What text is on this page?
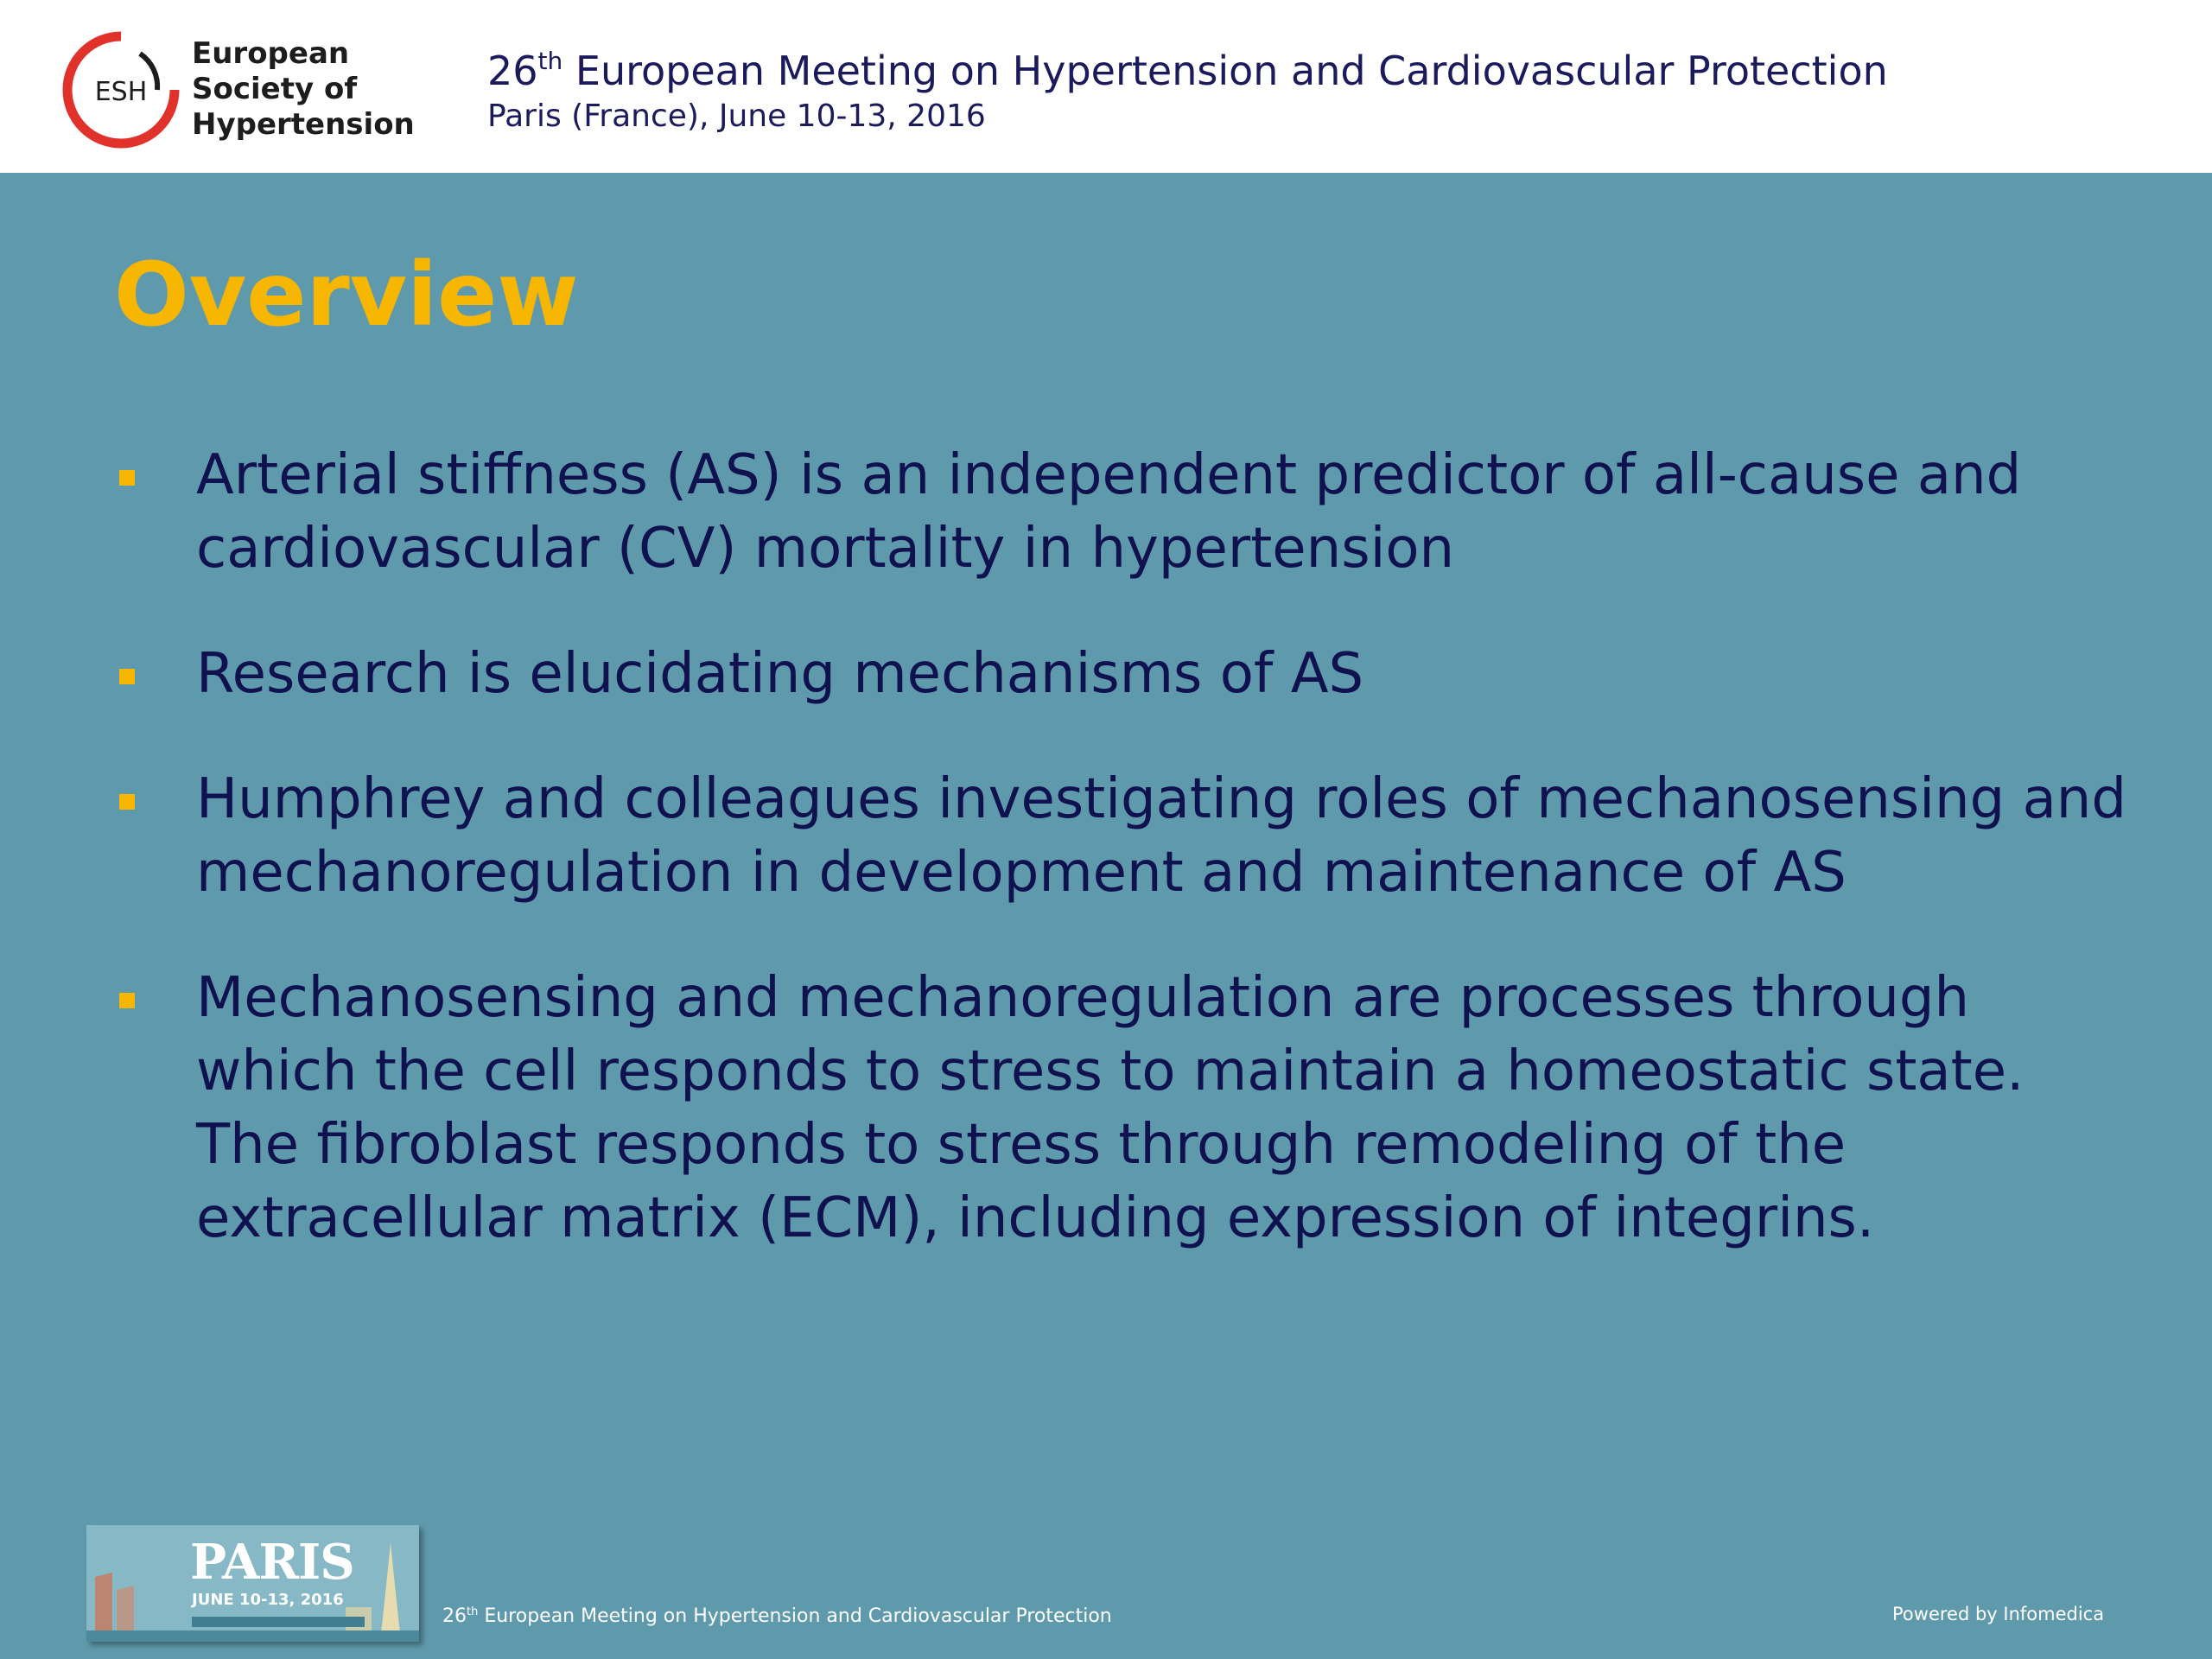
ESH
European
Society of
Hypertension
26th European Meeting on Hypertension and Cardiovascular Protection
Paris (France), June 10-13, 2016
Overview
Arterial stiffness (AS) is an independent predictor of all-cause and cardiovascular (CV) mortality in hypertension
Research is elucidating mechanisms of AS
Humphrey and colleagues investigating roles of mechanosensing and mechanoregulation in development and maintenance of AS
Mechanosensing and mechanoregulation are processes through which the cell responds to stress to maintain a homeostatic state. The fibroblast responds to stress through remodeling of the extracellular matrix (ECM), including expression of integrins.
PARIS
JUNE 10-13, 2016
26th European Meeting on Hypertension and Cardiovascular Protection	Powered by Infomedica
